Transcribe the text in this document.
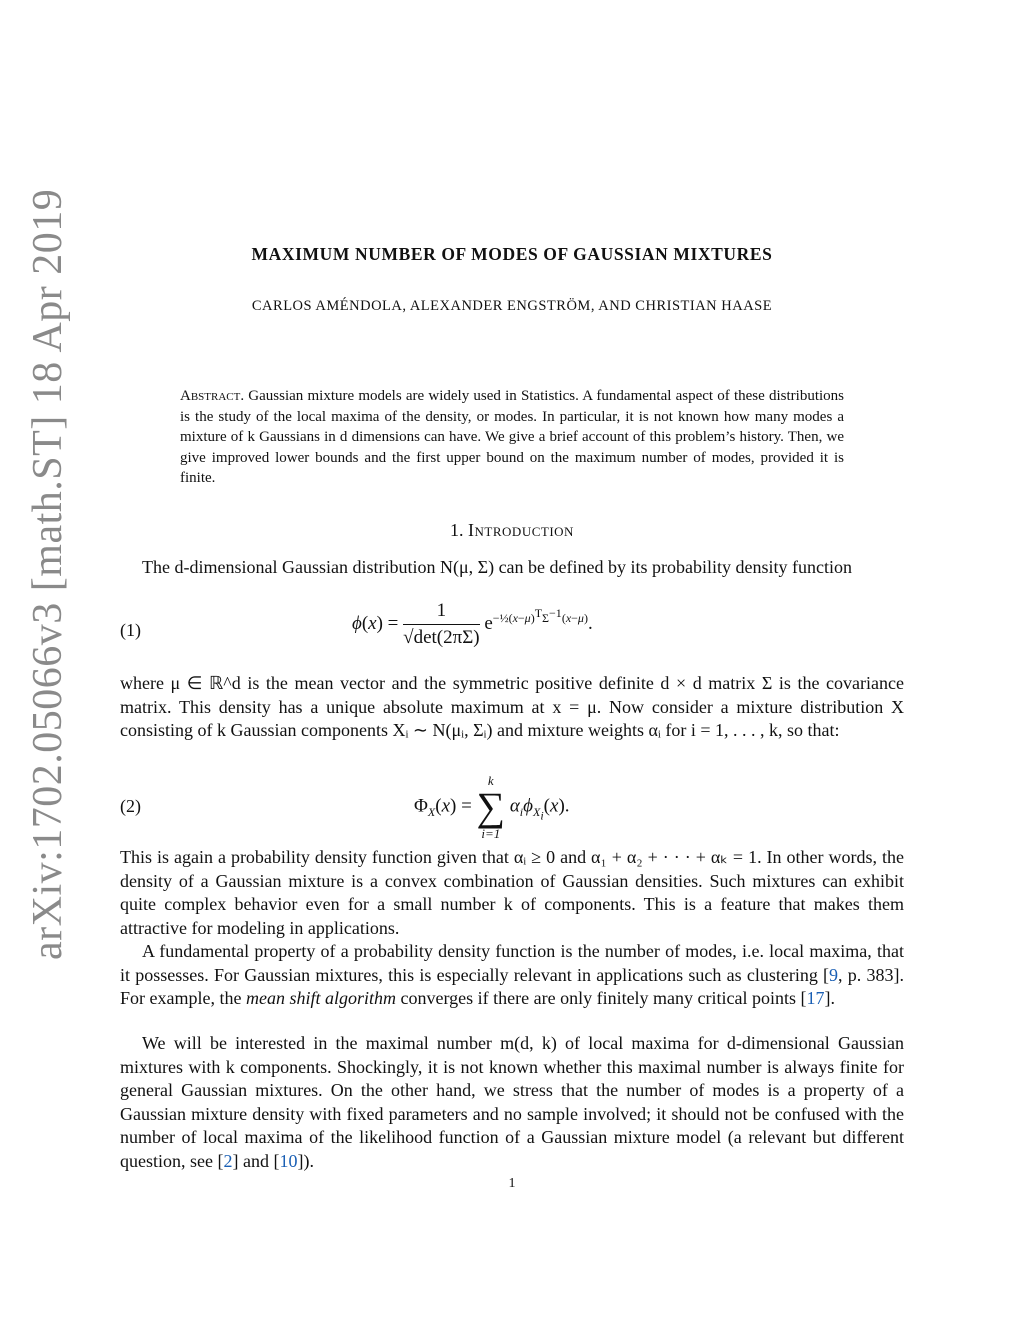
arXiv:1702.05066v3 [math.ST] 18 Apr 2019	MAXIMUM NUMBER OF MODES OF GAUSSIAN MIXTURES
CARLOS AMÉNDOLA, ALEXANDER ENGSTRÖM, AND CHRISTIAN HAASE
Abstract. Gaussian mixture models are widely used in Statistics. A fundamental aspect of these distributions is the study of the local maxima of the density, or modes. In particular, it is not known how many modes a mixture of k Gaussians in d dimensions can have. We give a brief account of this problem’s history. Then, we give improved lower bounds and the first upper bound on the maximum number of modes, provided it is finite.
1. Introduction

The d-dimensional Gaussian distribution N(μ, Σ) can be defined by its probability density function

(1)	$\phi(x) = \frac{1}{√\det(2\pi\Sigma)} e^{-\frac{1}{2}(x-\mu)^T\Sigma^{-1}(x-\mu)}$.

where μ ∈ ℝ^d is the mean vector and the symmetric positive definite d × d matrix Σ is the covariance matrix. This density has a unique absolute maximum at x = μ. Now consider a mixture distribution X consisting of k Gaussian components Xᵢ ∼ N(μᵢ, Σᵢ) and mixture weights αᵢ for i = 1, . . . , k, so that:

(2)	$\Phi_X(x)$ =
k
∑
i=1
$\alpha_i\phi_{X_i}(x)$.

This is again a probability density function given that αᵢ ≥ 0 and α₁ + α₂ + · · · + αₖ = 1. In other words, the density of a Gaussian mixture is a convex combination of Gaussian densities. Such mixtures can exhibit quite complex behavior even for a small number k of components. This is a feature that makes them attractive for modeling in applications.

A fundamental property of a probability density function is the number of modes, i.e. local maxima, that it possesses. For Gaussian mixtures, this is especially relevant in applications such as clustering [9, p. 383]. For example, the mean shift algorithm converges if there are only finitely many critical points [17].

We will be interested in the maximal number m(d, k) of local maxima for d-dimensional Gaussian mixtures with k components. Shockingly, it is not known whether this maximal number is always finite for general Gaussian mixtures. On the other hand, we stress that the number of modes is a property of a Gaussian mixture density with fixed parameters and no sample involved; it should not be confused with the number of local maxima of the likelihood function of a Gaussian mixture model (a relevant but different question, see [2] and [10]).

1
